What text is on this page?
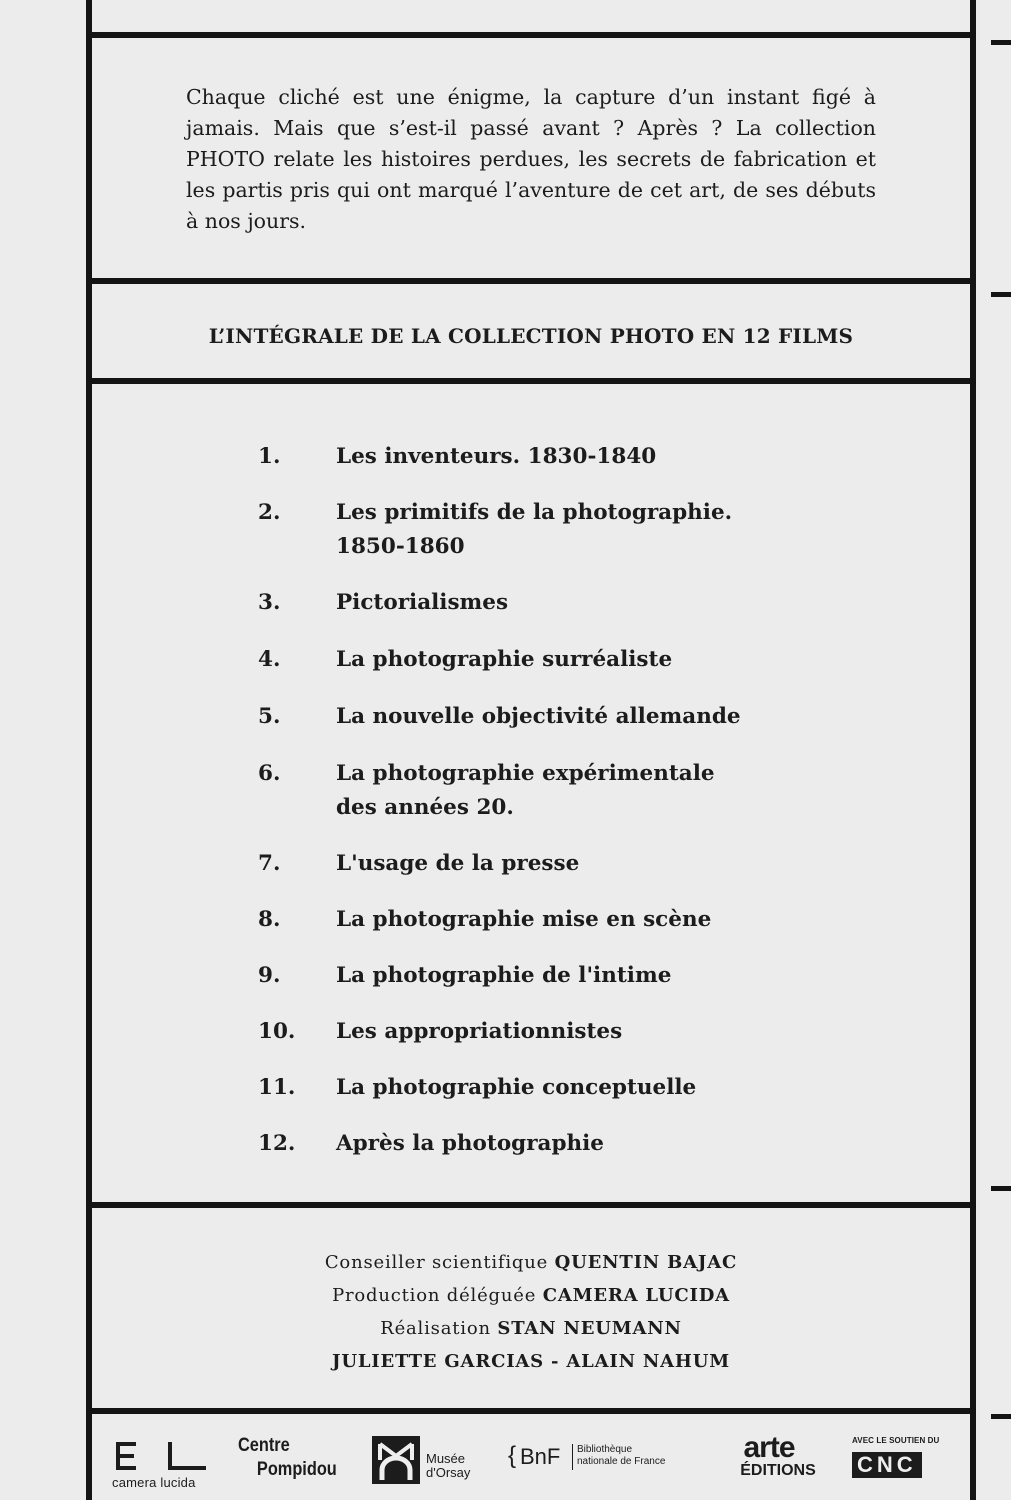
Chaque cliché est une énigme, la capture d’un instant figé à jamais. Mais que s’est-il passé avant ? Après ? La collection PHOTO relate les histoires perdues, les secrets de fabrication et les partis pris qui ont marqué l’aventure de cet art, de ses débuts à nos jours.

L’INTÉGRALE DE LA COLLECTION PHOTO EN 12 FILMS
1.	Les inventeurs. 1830-1840
2.	Les primitifs de la photographie.
1850-1860
3.	Pictorialismes
4.	La photographie surréaliste
5.	La nouvelle objectivité allemande
6.	La photographie expérimentale
des années 20.
7.	L'usage de la presse
8.	La photographie mise en scène
9.	La photographie de l'intime
10.	Les appropriationnistes
11.	La photographie conceptuelle
12.	Après la photographie
Conseiller scientifique QUENTIN BAJAC
Production déléguée CAMERA LUCIDA
Réalisation STAN NEUMANN
JULIETTE GARCIAS - ALAIN NAHUM
camera lucida
Centre
Pompidou
Musée
d'Orsay
{ BnF Bibliothèque
nationale de France	arte
ÉDITIONS
AVEC LE SOUTIEN DU
CNC
